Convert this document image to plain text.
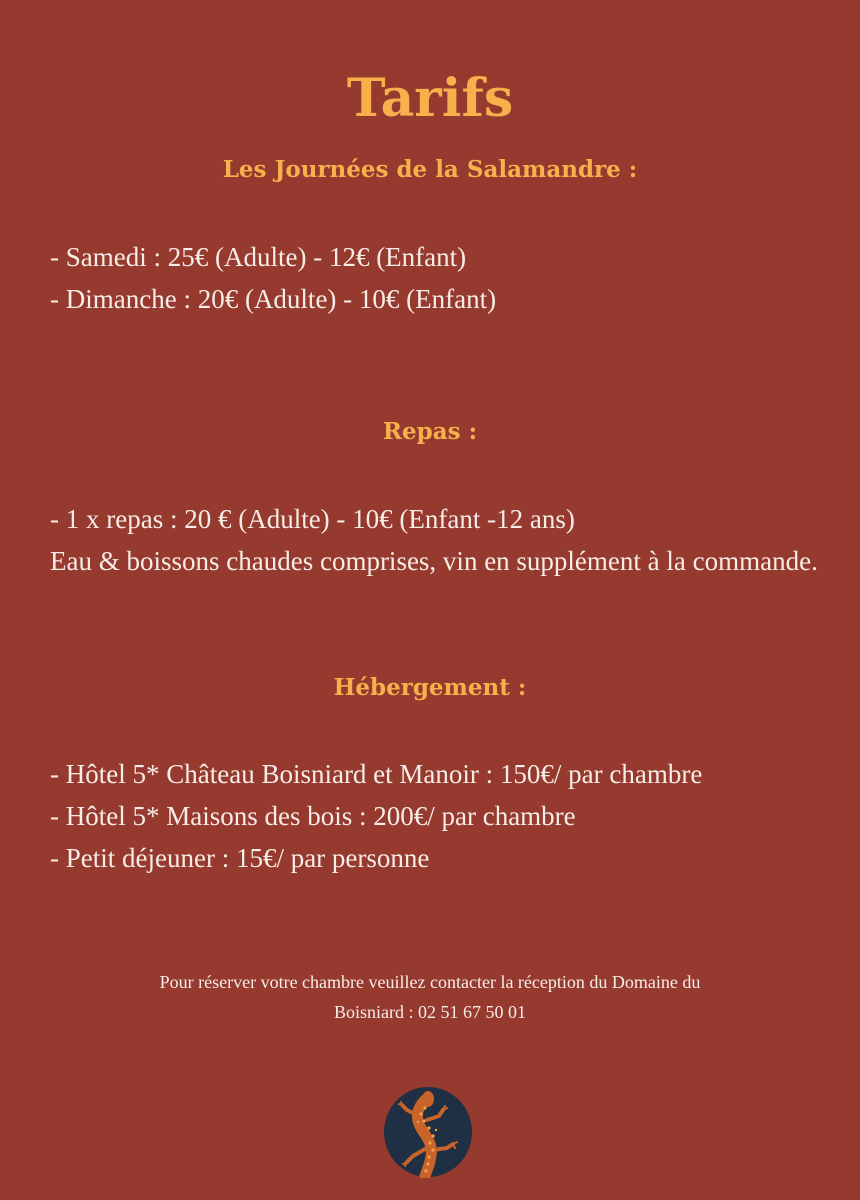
Tarifs
Les Journées de la Salamandre :

- Samedi : 25€ (Adulte) - 12€ (Enfant)

- Dimanche : 20€ (Adulte) - 10€ (Enfant)

Repas :

- 1 x repas : 20 € (Adulte) - 10€ (Enfant -12 ans)

Eau & boissons chaudes comprises, vin en supplément à la commande.

Hébergement :

- Hôtel 5* Château Boisniard et Manoir : 150€/ par chambre

- Hôtel 5* Maisons des bois : 200€/ par chambre

- Petit déjeuner : 15€/ par personne

Pour réserver votre chambre veuillez contacter la réception du Domaine du
Boisniard : 02 51 67 50 01
